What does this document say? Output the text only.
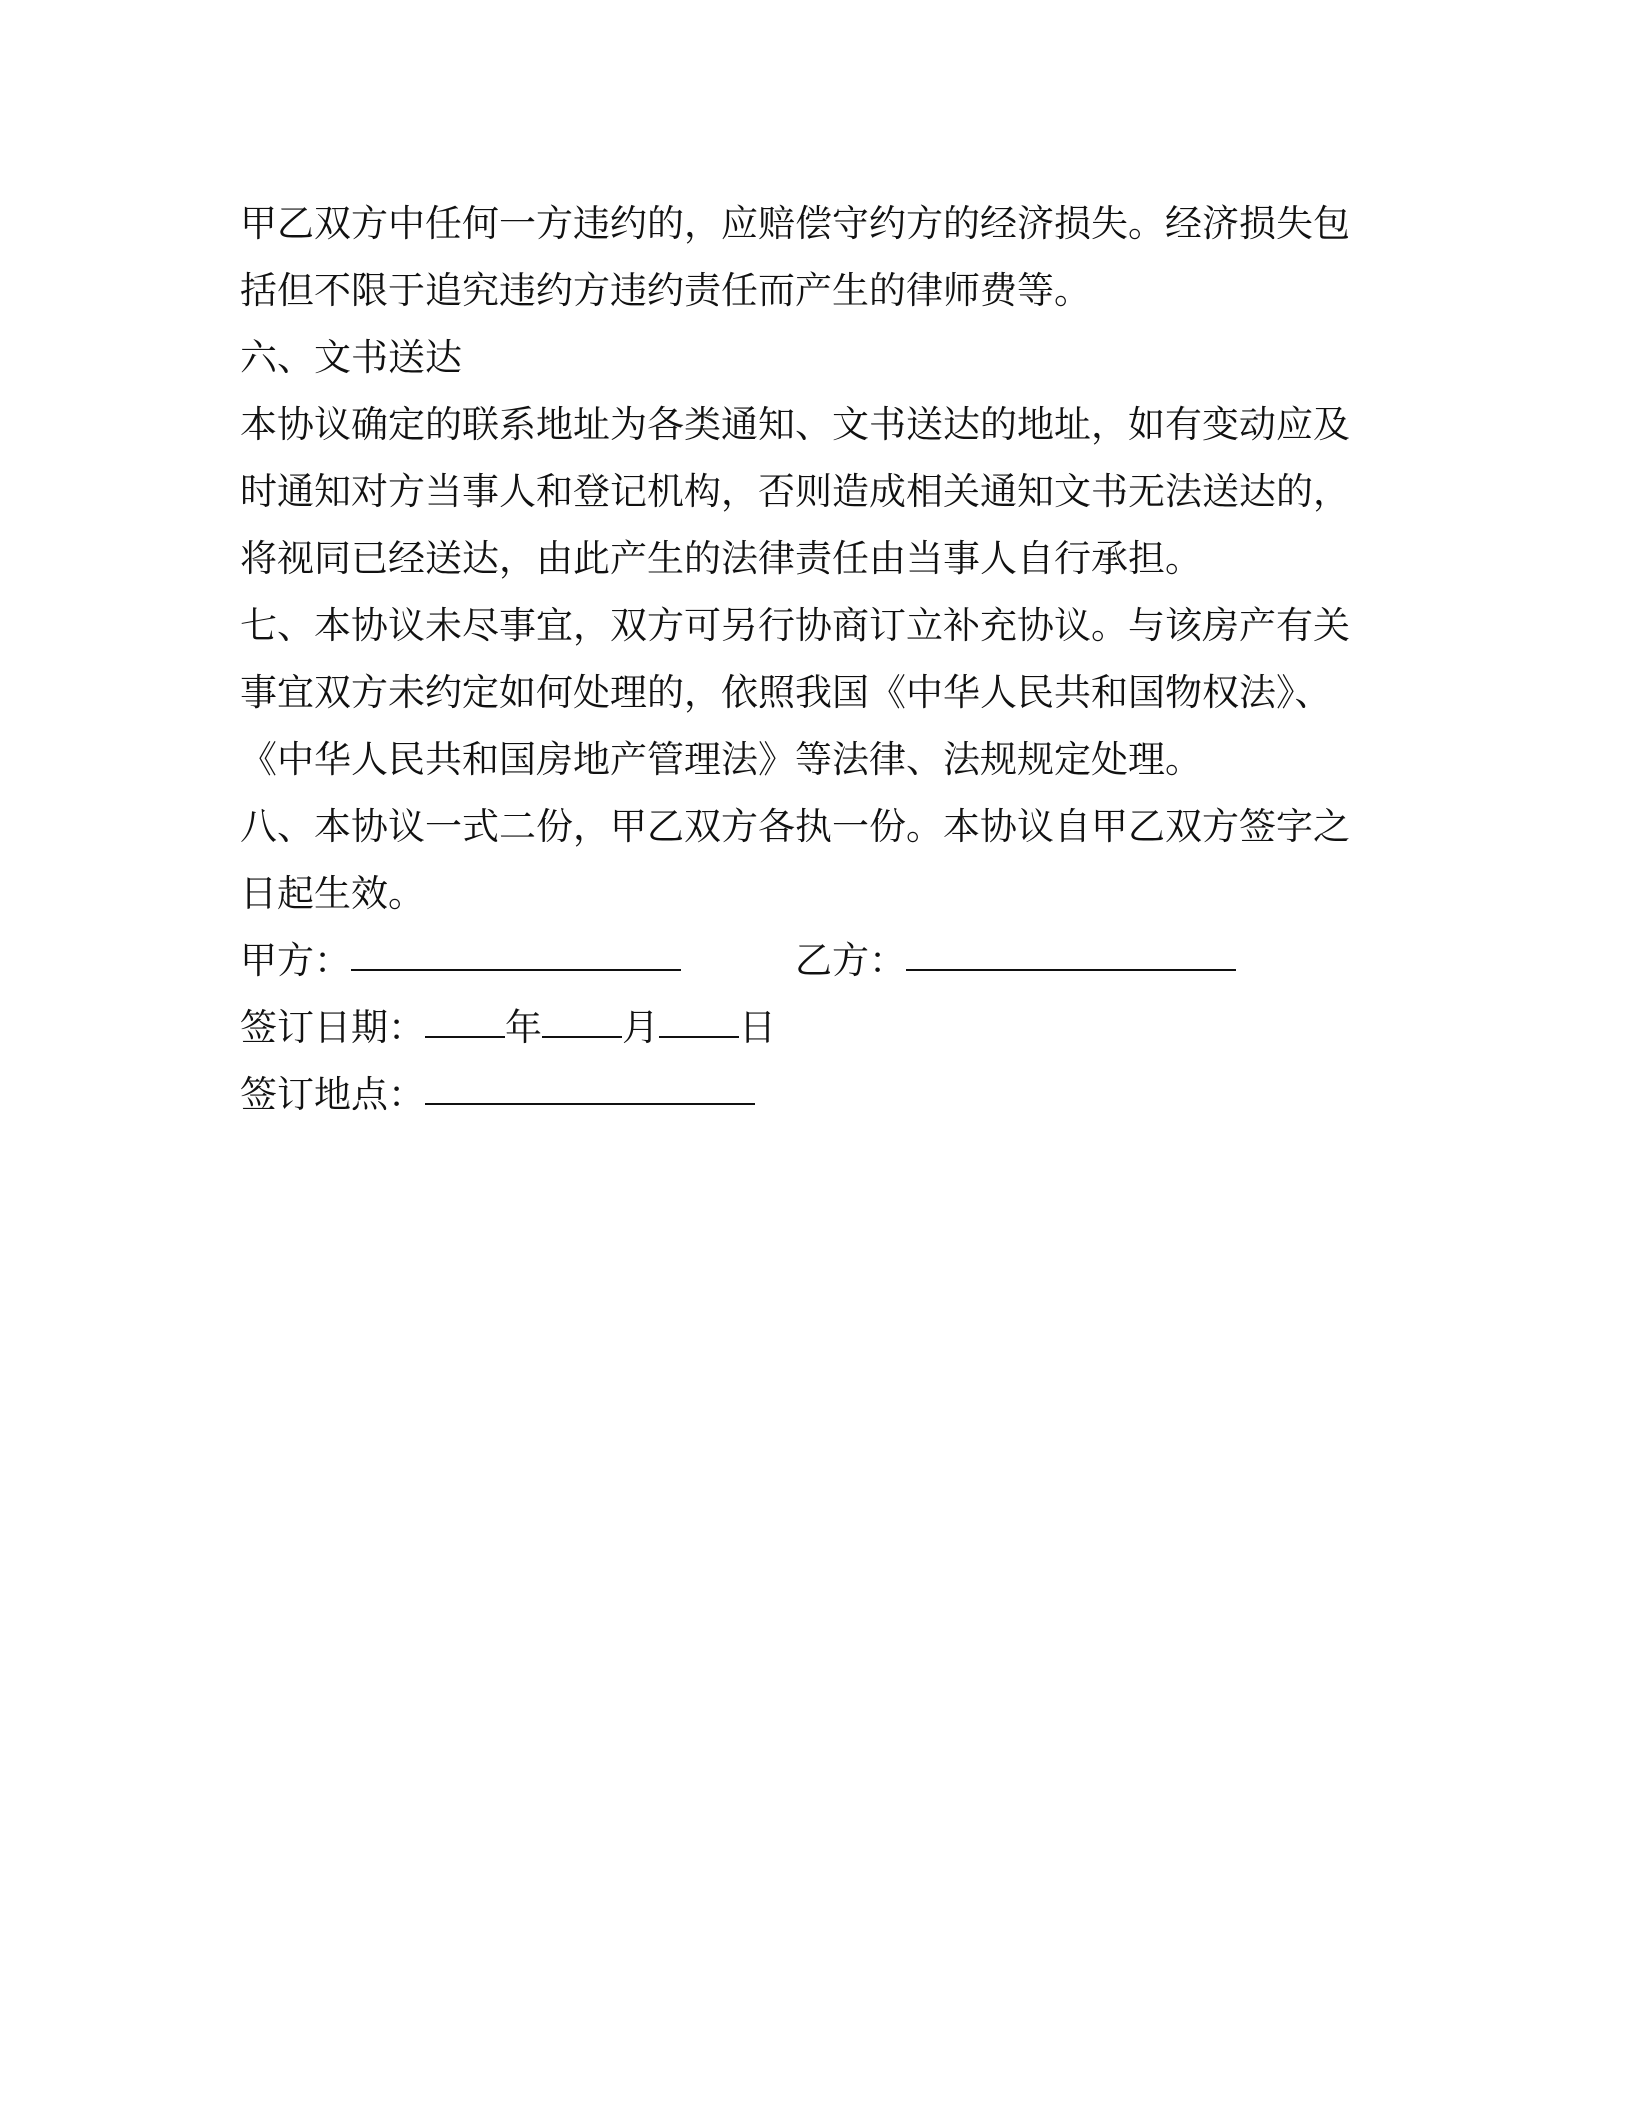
甲乙双方中任何一方违约的，应赔偿守约方的经济损失。经济损失包
括但不限于追究违约方违约责任而产生的律师费等。
六、文书送达
本协议确定的联系地址为各类通知、文书送达的地址，如有变动应及
时通知对方当事人和登记机构，否则造成相关通知文书无法送达的，
将视同已经送达，由此产生的法律责任由当事人自行承担。
七、本协议未尽事宜，双方可另行协商订立补充协议。与该房产有关
事宜双方未约定如何处理的，依照我国《中华人民共和国物权法》、
《中华人民共和国房地产管理法》等法律、法规规定处理。
八、本协议一式二份，甲乙双方各执一份。本协议自甲乙双方签字之
日起生效。
甲方：	乙方：
签订日期： 年 月 日
签订地点：
